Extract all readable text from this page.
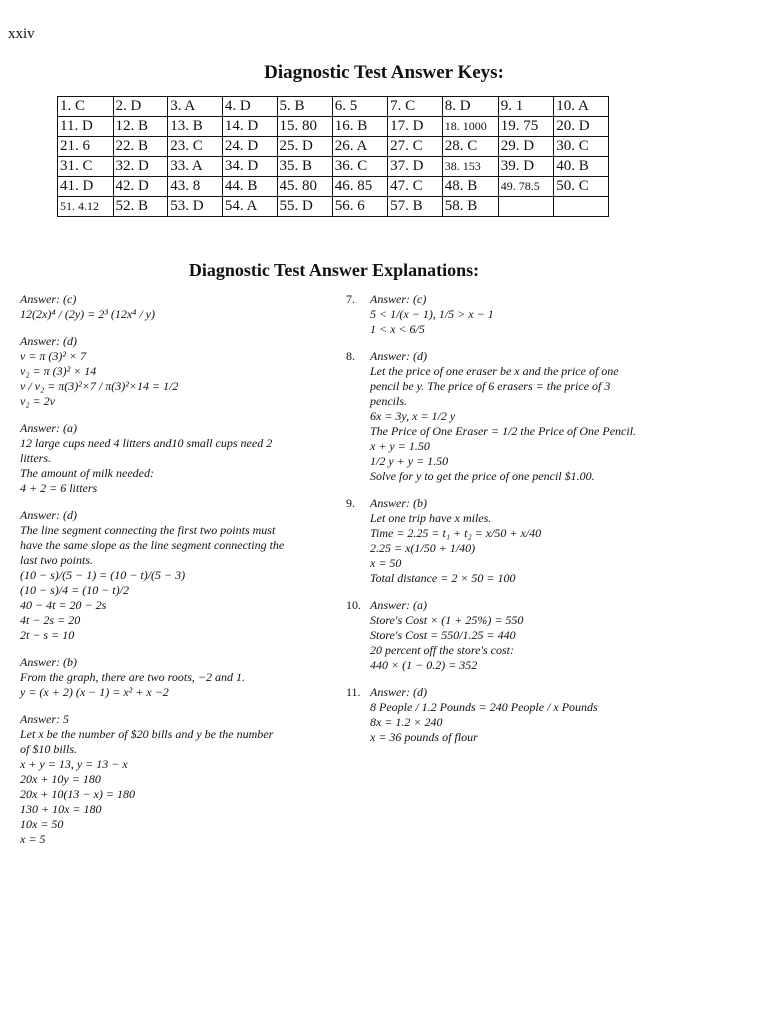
xxiv
Diagnostic Test Answer Keys:
1. C	2. D	3. A	4. D	5. B	6. 5	7. C	8. D	9. 1	10. A
11. D	12. B	13. B	14. D	15. 80	16. B	17. D	18. 1000	19. 75	20. D
21. 6	22. B	23. C	24. D	25. D	26. A	27. C	28. C	29. D	30. C
31. C	32. D	33. A	34. D	35. B	36. C	37. D	38. 153	39. D	40. B
41. D	42. D	43. 8	44. B	45. 80	46. 85	47. C	48. B	49. 78.5	50. C
51. 4.12	52. B	53. D	54. A	55. D	56. 6	57. B	58. B		
Diagnostic Test Answer Explanations:
Answer: (c)
12(2x)⁴ / (2y) = 2³ (12x⁴ / y)
Answer: (d)
v = π (3)² × 7
v₂ = π (3)² × 14
v / v₂ = π(3)²×7 / π(3)²×14 = 1/2
v₂ = 2v
Answer: (a)
12 large cups need 4 litters and10 small cups need 2
litters.
The amount of milk needed:
4 + 2 = 6 litters
Answer: (d)
The line segment connecting the first two points must
have the same slope as the line segment connecting the
last two points.
(10 − s)/(5 − 1) = (10 − t)/(5 − 3)
(10 − s)/4 = (10 − t)/2
40 − 4t = 20 − 2s
4t − 2s = 20
2t − s = 10
Answer: (b)
From the graph, there are two roots, −2 and 1.
y = (x + 2) (x − 1) = x² + x −2
Answer: 5
Let x be the number of $20 bills and y be the number
of $10 bills.
x + y = 13, y = 13 − x
20x + 10y = 180
20x + 10(13 − x) = 180
130 + 10x = 180
10x = 50
x = 5
7. Answer: (c)
5 < 1/(x − 1), 1/5 > x − 1
1 < x < 6/5
8. Answer: (d)
Let the price of one eraser be x and the price of one
pencil be y. The price of 6 erasers = the price of 3
pencils.
6x = 3y, x = 1/2 y
The Price of One Eraser = 1/2 the Price of One Pencil.
x + y = 1.50
1/2 y + y = 1.50
Solve for y to get the price of one pencil $1.00.
9. Answer: (b)
Let one trip have x miles.
Time = 2.25 = t₁ + t₂ = x/50 + x/40
2.25 = x(1/50 + 1/40)
x = 50
Total distance = 2 × 50 = 100
10. Answer: (a)
Store's Cost × (1 + 25%) = 550
Store's Cost = 550/1.25 = 440
20 percent off the store's cost:
440 × (1 − 0.2) = 352
11. Answer: (d)
8 People / 1.2 Pounds = 240 People / x Pounds
8x = 1.2 × 240
x = 36 pounds of flour
